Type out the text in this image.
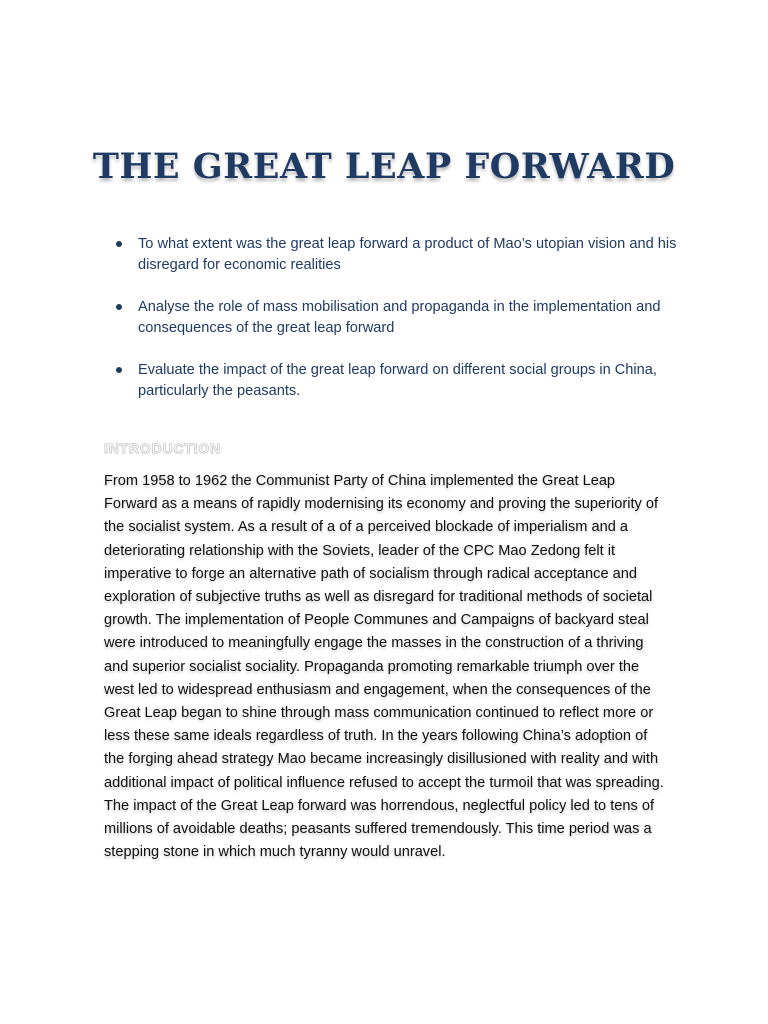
THE GREAT LEAP FORWARD
To what extent was the great leap forward a product of Mao’s utopian vision and his disregard for economic realities
Analyse the role of mass mobilisation and propaganda in the implementation and consequences of the great leap forward
Evaluate the impact of the great leap forward on different social groups in China, particularly the peasants.
INTRODUCTION

From 1958 to 1962 the Communist Party of China implemented the Great Leap Forward as a means of rapidly modernising its economy and proving the superiority of the socialist system. As a result of a of a perceived blockade of imperialism and a deteriorating relationship with the Soviets, leader of the CPC Mao Zedong felt it imperative to forge an alternative path of socialism through radical acceptance and exploration of subjective truths as well as disregard for traditional methods of societal growth. The implementation of People Communes and Campaigns of backyard steal were introduced to meaningfully engage the masses in the construction of a thriving and superior socialist sociality. Propaganda promoting remarkable triumph over the west led to widespread enthusiasm and engagement, when the consequences of the Great Leap began to shine through mass communication continued to reflect more or less these same ideals regardless of truth. In the years following China’s adoption of the forging ahead strategy Mao became increasingly disillusioned with reality and with additional impact of political influence refused to accept the turmoil that was spreading. The impact of the Great Leap forward was horrendous, neglectful policy led to tens of millions of avoidable deaths; peasants suffered tremendously. This time period was a stepping stone in which much tyranny would unravel.
